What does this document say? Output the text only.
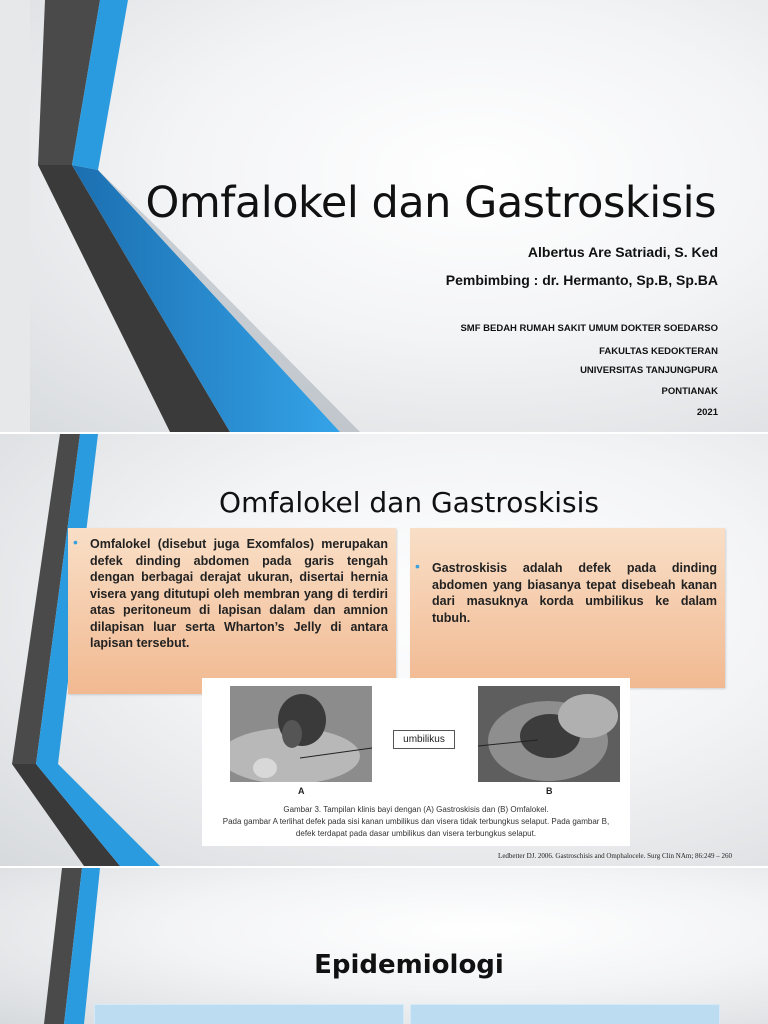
Omfalokel dan Gastroskisis
Albertus Are Satriadi, S. Ked
Pembimbing : dr. Hermanto, Sp.B, Sp.BA
SMF BEDAH RUMAH SAKIT UMUM DOKTER SOEDARSO
FAKULTAS KEDOKTERAN
UNIVERSITAS TANJUNGPURA
PONTIANAK
2021
Omfalokel dan Gastroskisis
• Omfalokel (disebut juga Exomfalos) merupakan defek dinding abdomen pada garis tengah dengan berbagai derajat ukuran, disertai hernia visera yang ditutupi oleh membran yang di terdiri atas peritoneum di lapisan dalam dan amnion dilapisan luar serta Wharton’s Jelly di antara lapisan tersebut.
• Gastroskisis adalah defek pada dinding abdomen yang biasanya tepat disebeah kanan dari masuknya korda umbilikus ke dalam tubuh.
umbilikus
A	B
Gambar 3. Tampilan klinis bayi dengan (A) Gastroskisis dan (B) Omfalokel.
Pada gambar A terlihat defek pada sisi kanan umbilikus dan visera tidak terbungkus selaput. Pada gambar B,
defek terdapat pada dasar umbilikus dan visera terbungkus selaput.
Ledbetter DJ. 2006. Gastroschisis and Omphalocele. Surg Clin NAm; 86:249 – 260
Epidemiologi
